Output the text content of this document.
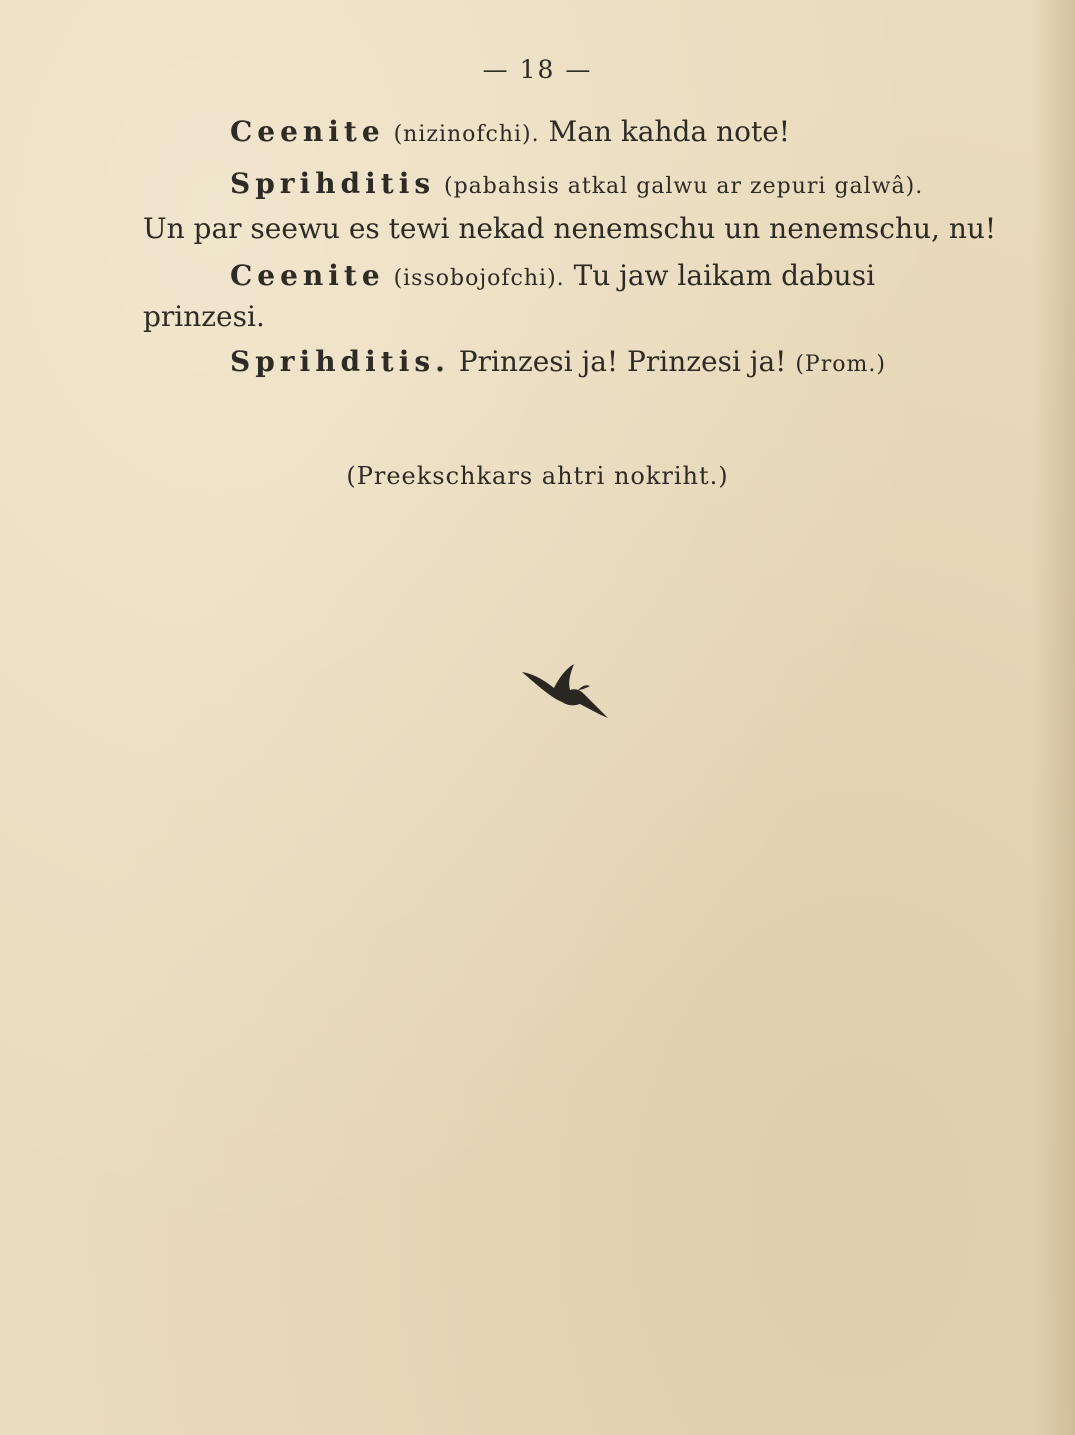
— 18 —
Ceenite (nizinofchi). Man kahda note!
Sprihditis (pabahsis atkal galwu ar zepuri galwâ).
Un par seewu es tewi nekad nenemschu un nenemschu, nu!
Ceenite (issobojofchi). Tu jaw laikam dabusi
prinzesi.
Sprihditis. Prinzesi ja! Prinzesi ja! (Prom.)
(Preekschkars ahtri nokriht.)
